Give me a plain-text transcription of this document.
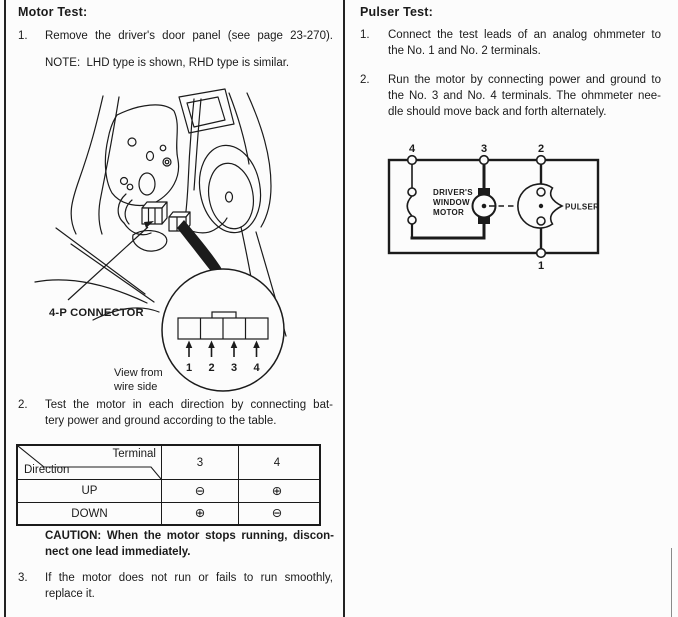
Motor Test:
1.	Remove the driver's door panel (see page 23-270).
NOTE:  LHD type is shown, RHD type is similar.
1 2 3 4
4-P CONNECTOR
View from
wire side
2.	Test the motor in each direction by connecting bat-
tery power and ground according to the table.
Terminal
Direction
3	4
UP	⊖	⊕
DOWN	⊕	⊖
CAUTION: When the motor stops running, discon-
nect one lead immediately.
3.	If the motor does not run or fails to run smoothly,
replace it.
Pulser Test:
1.	Connect the test leads of an analog ohmmeter to
the No. 1 and No. 2 terminals.
2.	Run the motor by connecting power and ground to
the No. 3 and No. 4 terminals. The ohmmeter nee-
dle should move back and forth alternately.
4	3	2
1
DRIVER'S
WINDOW
MOTOR
PULSER
